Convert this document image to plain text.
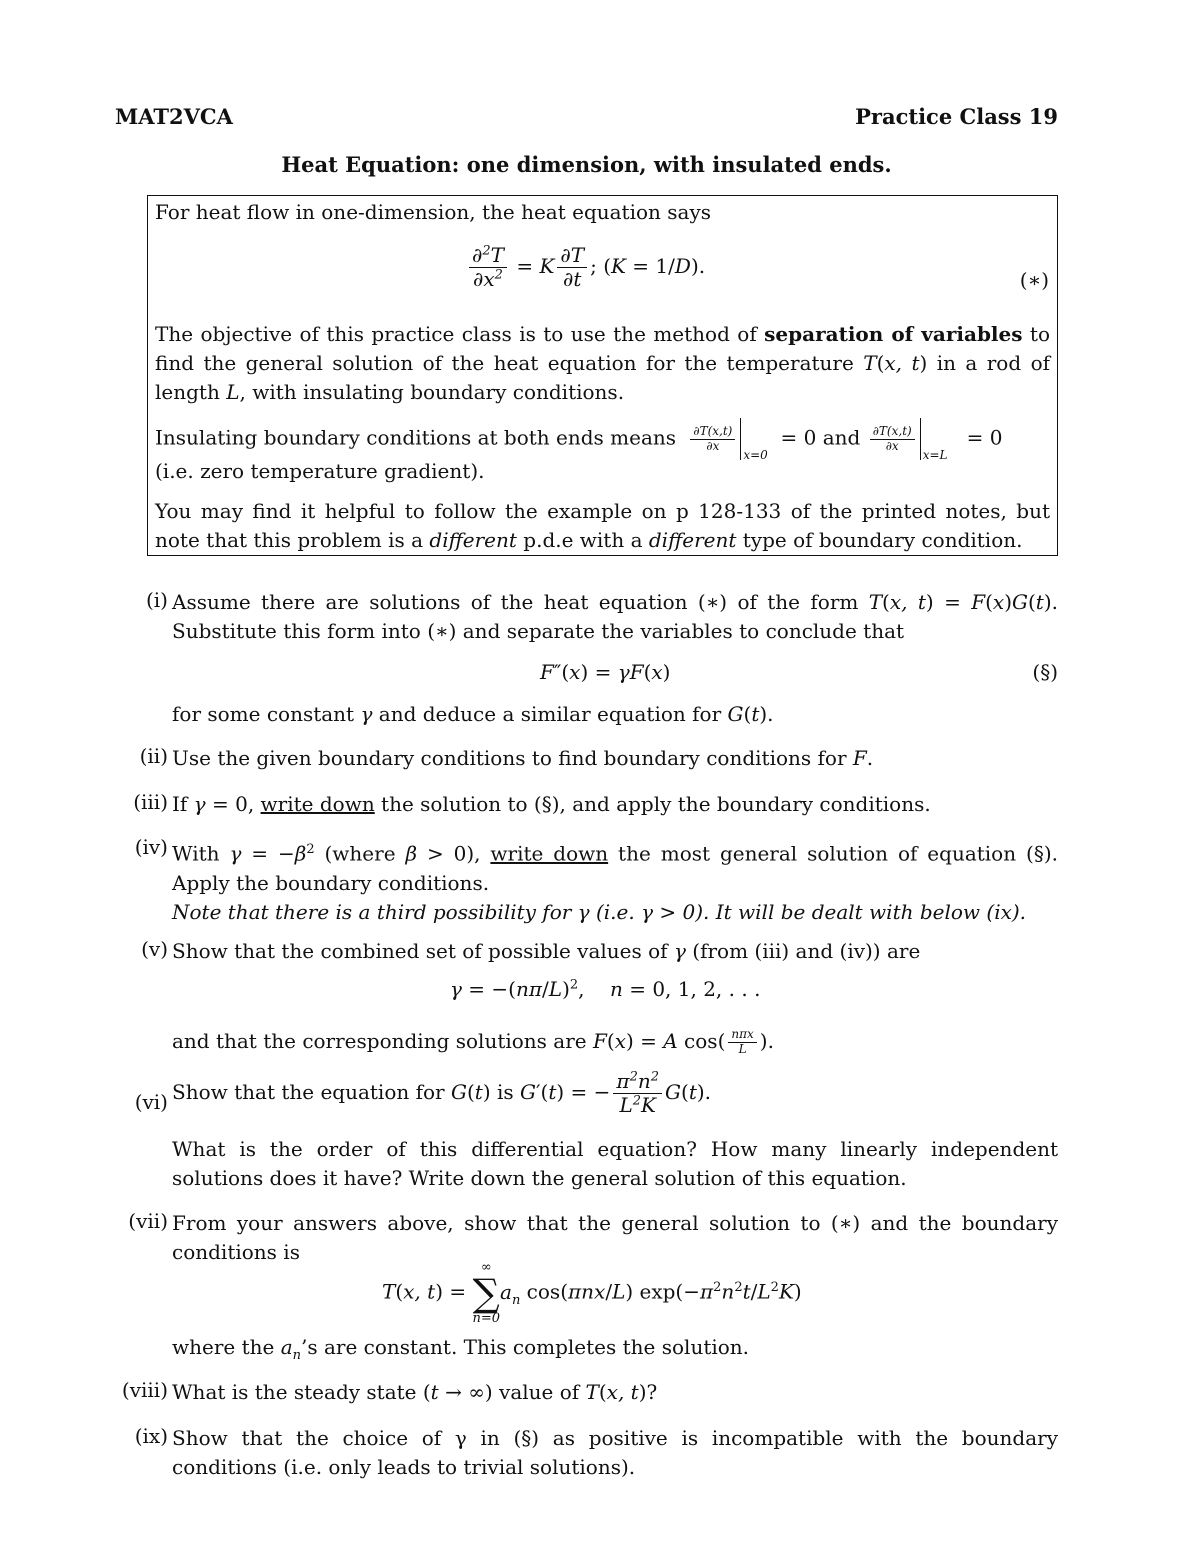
MAT2VCA	Practice Class 19
Heat Equation: one dimension, with insulated ends.

For heat flow in one-dimension, the heat equation says

$\frac{\partial^2T}{\partial x^2} = K \frac{\partial T}{\partial t}$ ; (K = 1/D).
(∗)

The objective of this practice class is to use the method of separation of variables to find the general solution of the heat equation for the temperature T(x, t) in a rod of length L, with insulating boundary conditions.

Insulating boundary conditions at both ends means $\frac{\partial T(x,t)}{\partial x}$
$_{x=0}$  = 0 and $\frac{\partial T(x,t)}{\partial x}$
$_{x=L}$   = 0

(i.e. zero temperature gradient).

You may find it helpful to follow the example on p 128-133 of the printed notes, but note that this problem is a different p.d.e with a different type of boundary condition.

(i) Assume there are solutions of the heat equation (∗) of the form T(x, t) = F(x)G(t). Substitute this form into (∗) and separate the variables to conclude that
F″(x) = γF(x)	(§)
for some constant γ and deduce a similar equation for G(t).
(ii) Use the given boundary conditions to find boundary conditions for F.
(iii) If γ = 0, write down the solution to (§), and apply the boundary conditions.
(iv) With $\gamma = -\beta^2$ (where β > 0), write down the most general solution of equation (§). Apply the boundary conditions.
Note that there is a third possibility for γ (i.e. γ > 0). It will be dealt with below (ix).
(v) Show that the combined set of possible values of γ (from (iii) and (iv)) are
$\gamma = -(n\pi/L)^2$,    n = 0, 1, 2, . . .
and that the corresponding solutions are F(x) = A $\cos( \frac{\text{nπx}}{L}$ ).
(vi) Show that the equation for G(t) is G′(t) = − $\frac{\pi^2n^2}{L^2K} G(t)$.
What is the order of this differential equation? How many linearly independent solutions does it have? Write down the general solution of this equation.
(vii) From your answers above, show that the general solution to (∗) and the boundary conditions is
T(x, t) =
∞
∑
n=0
$a_n$ cos(πnx/L) $\exp(-\pi^2n^2t/L^2K)$
where the $a_n’s$ are constant. This completes the solution.
(viii) What is the steady state (t → ∞) value of T(x, t)?
(ix) Show that the choice of γ in (§) as positive is incompatible with the boundary conditions (i.e. only leads to trivial solutions).
